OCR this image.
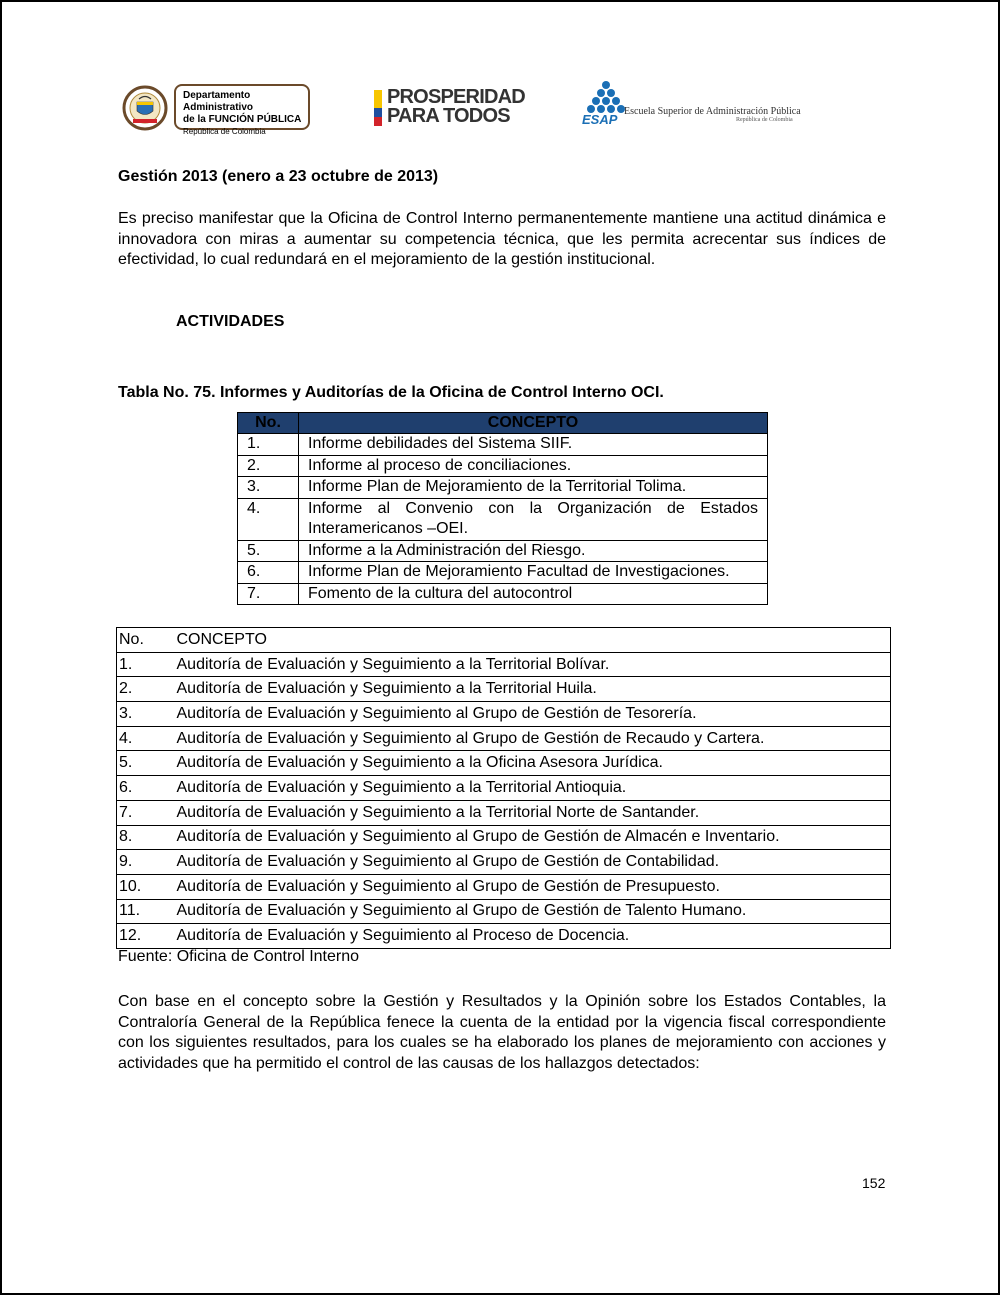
Departamento Administrativo
de la FUNCIÓN PÚBLICA
República de Colombia
PROSPERIDAD
PARA TODOS	ESAP
Escuela Superior de Administración Pública
República de Colombia
Gestión 2013 (enero a 23 octubre de 2013)

Es preciso manifestar que la Oficina de Control Interno permanentemente mantiene una actitud dinámica e innovadora con miras a aumentar su competencia técnica, que les permita acrecentar sus índices de efectividad, lo cual redundará en el mejoramiento de la gestión institucional.

ACTIVIDADES
Tabla No. 75. Informes y Auditorías de la Oficina de Control Interno OCI.
No.	CONCEPTO
1.	Informe debilidades del Sistema SIIF.
2.	Informe al proceso de conciliaciones.
3.	Informe Plan de Mejoramiento de la Territorial Tolima.
4.	Informe al Convenio con la Organización de Estados Interamericanos –OEI.
5.	Informe a la Administración del Riesgo.
6.	Informe Plan de Mejoramiento Facultad de Investigaciones.
7.	Fomento de la cultura del autocontrol
No.	CONCEPTO
1.	Auditoría de Evaluación y Seguimiento a la Territorial Bolívar.
2.	Auditoría de Evaluación y Seguimiento a la Territorial Huila.
3.	Auditoría de Evaluación y Seguimiento al Grupo de Gestión de Tesorería.
4.	Auditoría de Evaluación y Seguimiento al Grupo de Gestión de Recaudo y Cartera.
5.	Auditoría de Evaluación y Seguimiento a la Oficina Asesora Jurídica.
6.	Auditoría de Evaluación y Seguimiento a la Territorial Antioquia.
7.	Auditoría de Evaluación y Seguimiento a la Territorial Norte de Santander.
8.	Auditoría de Evaluación y Seguimiento al Grupo de Gestión de Almacén e Inventario.
9.	Auditoría de Evaluación y Seguimiento al Grupo de Gestión de Contabilidad.
10.	Auditoría de Evaluación y Seguimiento al Grupo de Gestión de Presupuesto.
11.	Auditoría de Evaluación y Seguimiento al Grupo de Gestión de Talento Humano.
12.	Auditoría de Evaluación y Seguimiento al Proceso de Docencia.
Fuente: Oficina de Control Interno

Con base en el concepto sobre la Gestión y Resultados y la Opinión sobre los Estados Contables, la Contraloría General de la República fenece la cuenta de la entidad por la vigencia fiscal correspondiente con los siguientes resultados, para los cuales se ha elaborado los planes de mejoramiento con acciones y actividades que ha permitido el control de las causas de los hallazgos detectados:

152
